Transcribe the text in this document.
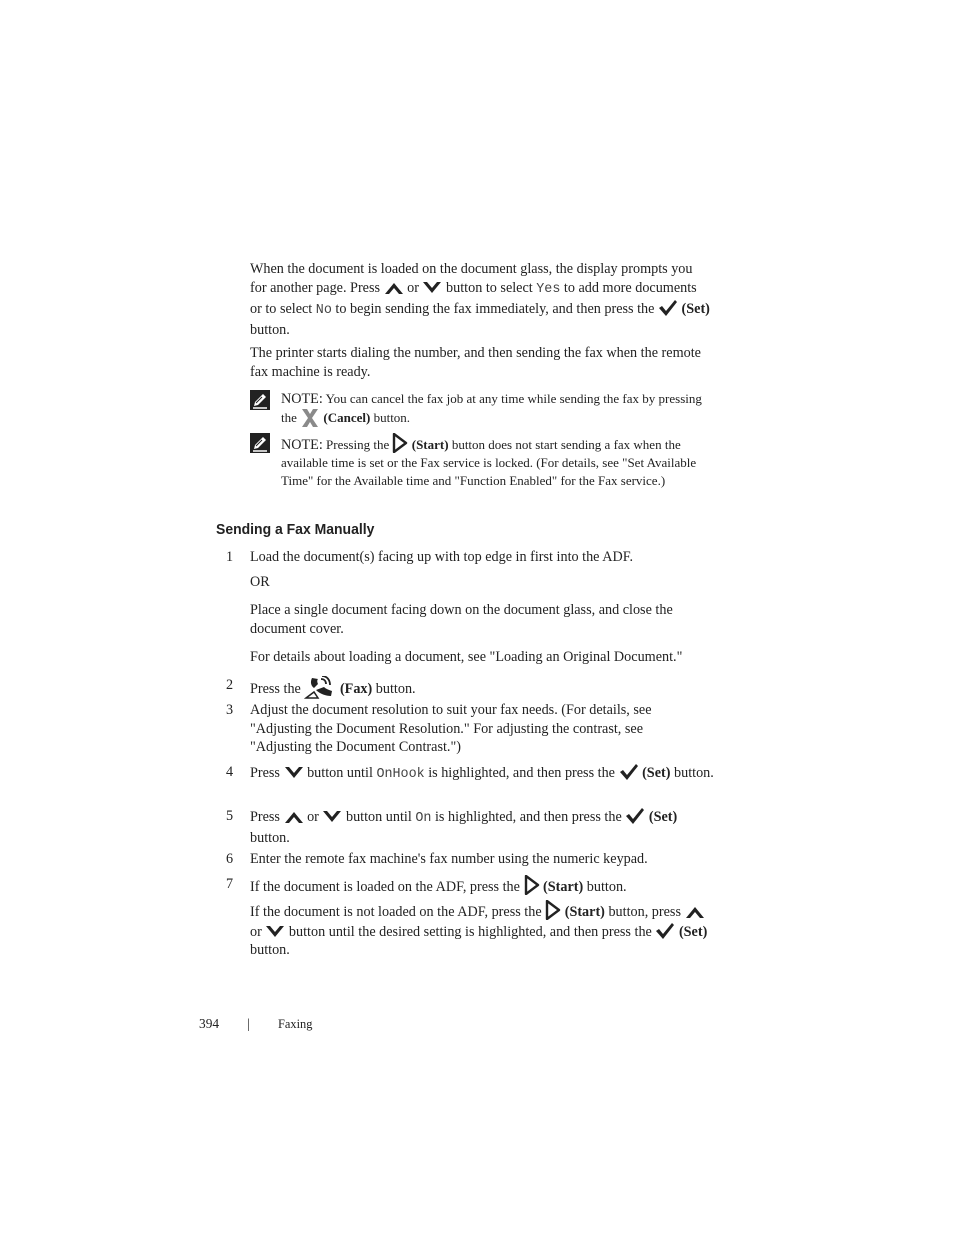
When the document is loaded on the document glass, the display prompts you for another page. Press or button to select Yes to add more documents or to select No to begin sending the fax immediately, and then press the (Set) button.
The printer starts dialing the number, and then sending the fax when the remote fax machine is ready.
NOTE: You can cancel the fax job at any time while sending the fax by pressing the (Cancel) button.
NOTE: Pressing the (Start) button does not start sending a fax when the available time is set or the Fax service is locked. (For details, see "Set Available Time" for the Available time and "Function Enabled" for the Fax service.)
Sending a Fax Manually
1 Load the document(s) facing up with top edge in first into the ADF.
OR
Place a single document facing down on the document glass, and close the document cover.
For details about loading a document, see "Loading an Original Document."
2 Press the	(Fax) button.
3 Adjust the document resolution to suit your fax needs. (For details, see "Adjusting the Document Resolution." For adjusting the contrast, see "Adjusting the Document Contrast.")
4 Press button until OnHook is highlighted, and then press the (Set) button.
5 Press or button until On is highlighted, and then press the (Set) button.
6 Enter the remote fax machine's fax number using the numeric keypad.
7 If the document is loaded on the ADF, press the (Start) button.
If the document is not loaded on the ADF, press the (Start) button, press
or button until the desired setting is highlighted, and then press the (Set) button.
394 | Faxing
